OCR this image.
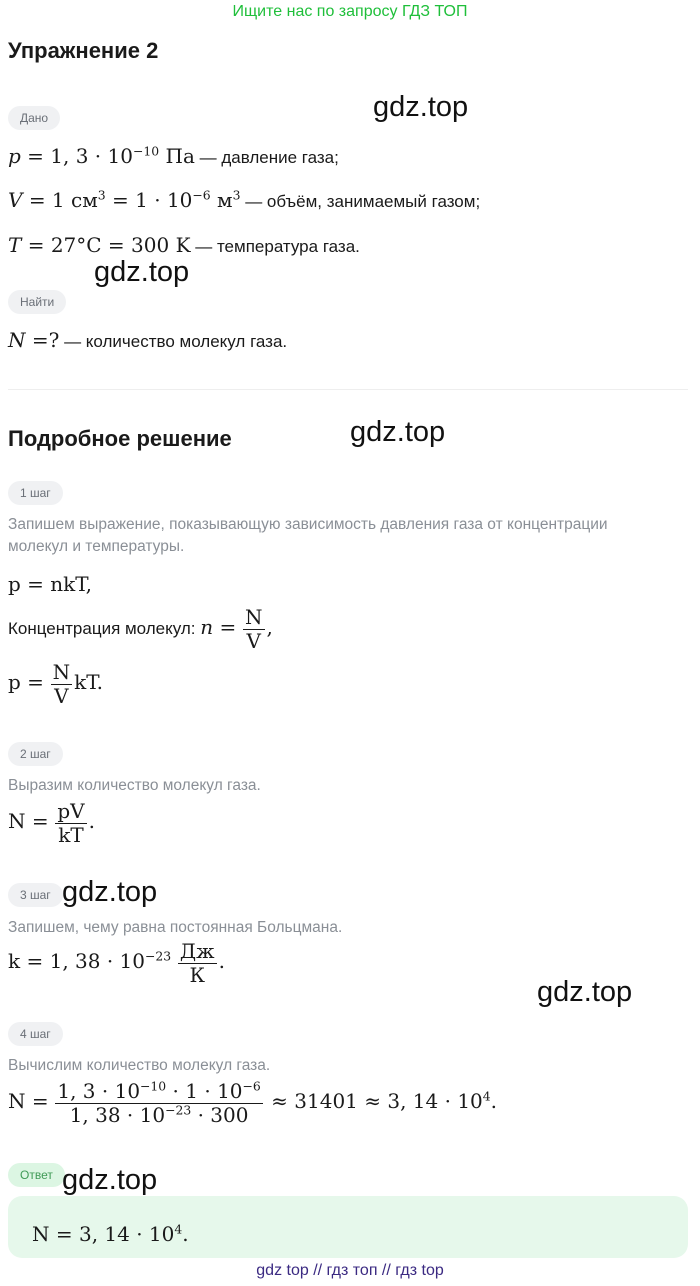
Ищите нас по запросу ГДЗ ТОП
Упражнение 2
Дано
p = 1, $3 \cdot 10^{-10}$ Па — давление газа;
V = 1 $см^3 = 1 \cdot 10^{-6}$ $м^3$ — объём, занимаемый газом;
T = 27°C = 300 K — температура газа.
Найти
N =? — количество молекул газа.
Подробное решение
1 шаг
Запишем выражение, показывающую зависимость давления газа от концентрации молекул и температуры.
p = nkT,
Концентрация молекул: $n = \frac{N}{V}$ ,
$p = \frac{N}{V}$ kT.
2 шаг
Выразим количество молекул газа.
$N = \frac{pV}{kT}$ .
3 шаг
Запишем, чему равна постоянная Больцмана.
k = 1, $38 \cdot 10^{-23} \frac{Дж}{К}$ .
4 шаг
Вычислим количество молекул газа.
$N = \frac{1, 3 \cdot 10^{-10} \cdot 1 \cdot 10^{-6}}{1, 38 \cdot 10^{-23} \cdot 300} \approx 31401 \approx 3$, $14 \cdot 10^4$.
Ответ
N = 3, $14 \cdot 10^4$.
gdz.top
gdz.top
gdz.top
gdz.top
gdz.top
gdz.top
gdz top // гдз топ // гдз top
